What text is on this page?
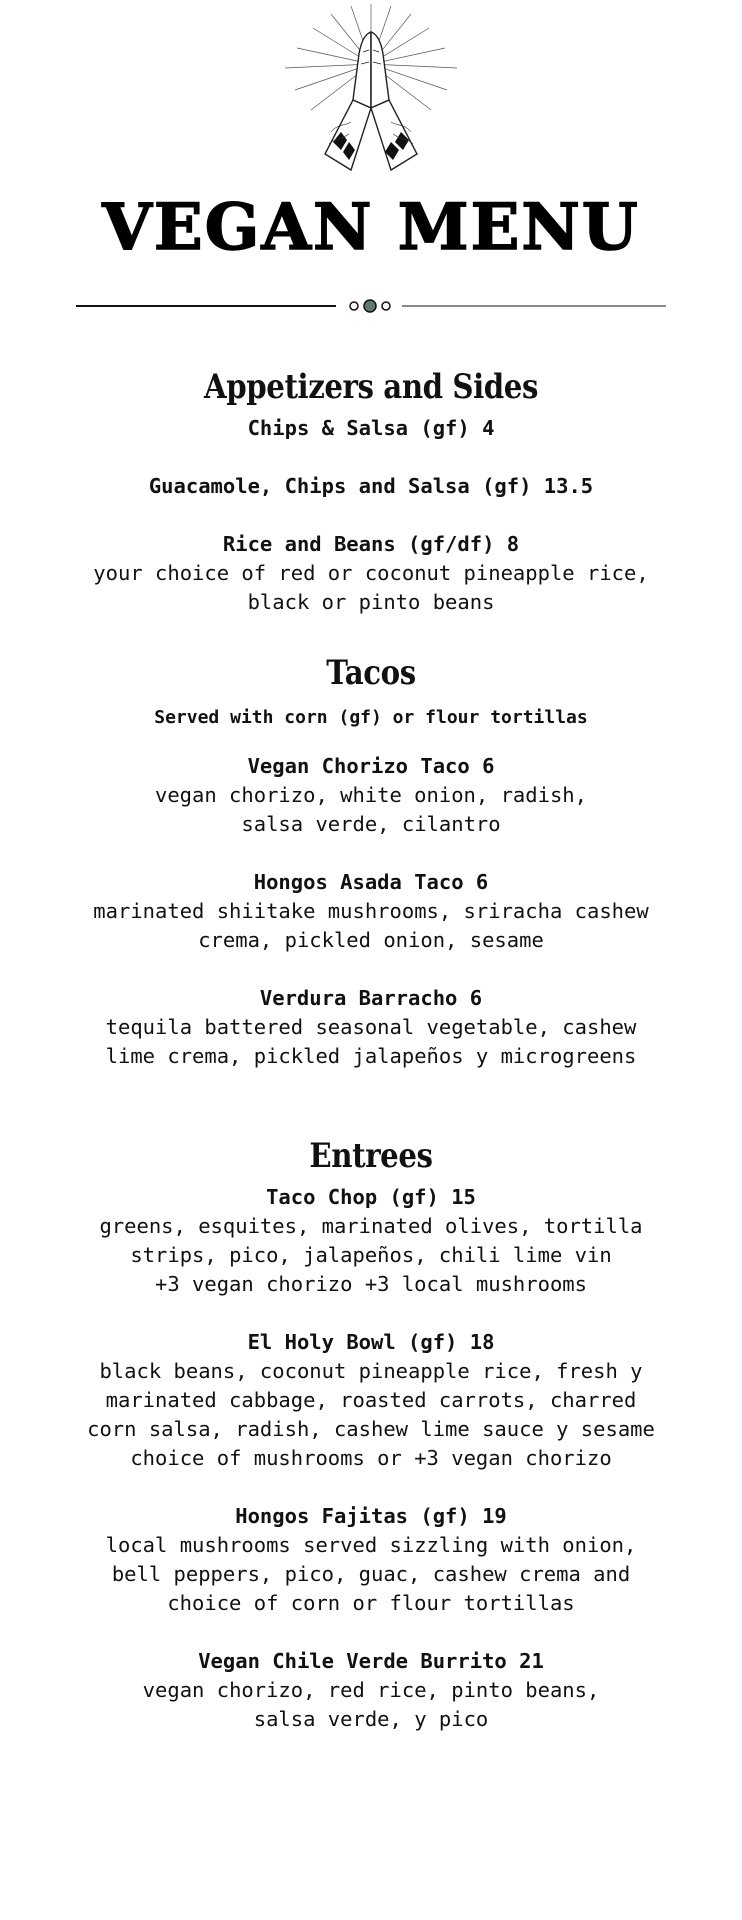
VEGAN MENU
Appetizers and Sides
Chips & Salsa (gf) 4
Guacamole, Chips and Salsa (gf) 13.5
Rice and Beans (gf/df) 8
your choice of red or coconut pineapple rice,
black or pinto beans
Tacos
Served with corn (gf) or flour tortillas
Vegan Chorizo Taco 6
vegan chorizo, white onion, radish,
salsa verde, cilantro
Hongos Asada Taco 6
marinated shiitake mushrooms, sriracha cashew
crema, pickled onion, sesame
Verdura Barracho 6
tequila battered seasonal vegetable, cashew
lime crema, pickled jalapeños y microgreens
Entrees
Taco Chop (gf) 15
greens, esquites, marinated olives, tortilla
strips, pico, jalapeños, chili lime vin
+3 vegan chorizo +3 local mushrooms
El Holy Bowl (gf) 18
black beans, coconut pineapple rice, fresh y
marinated cabbage, roasted carrots, charred
corn salsa, radish, cashew lime sauce y sesame
choice of mushrooms or +3 vegan chorizo
Hongos Fajitas (gf) 19
local mushrooms served sizzling with onion,
bell peppers, pico, guac, cashew crema and
choice of corn or flour tortillas
Vegan Chile Verde Burrito 21
vegan chorizo, red rice, pinto beans,
salsa verde, y pico
